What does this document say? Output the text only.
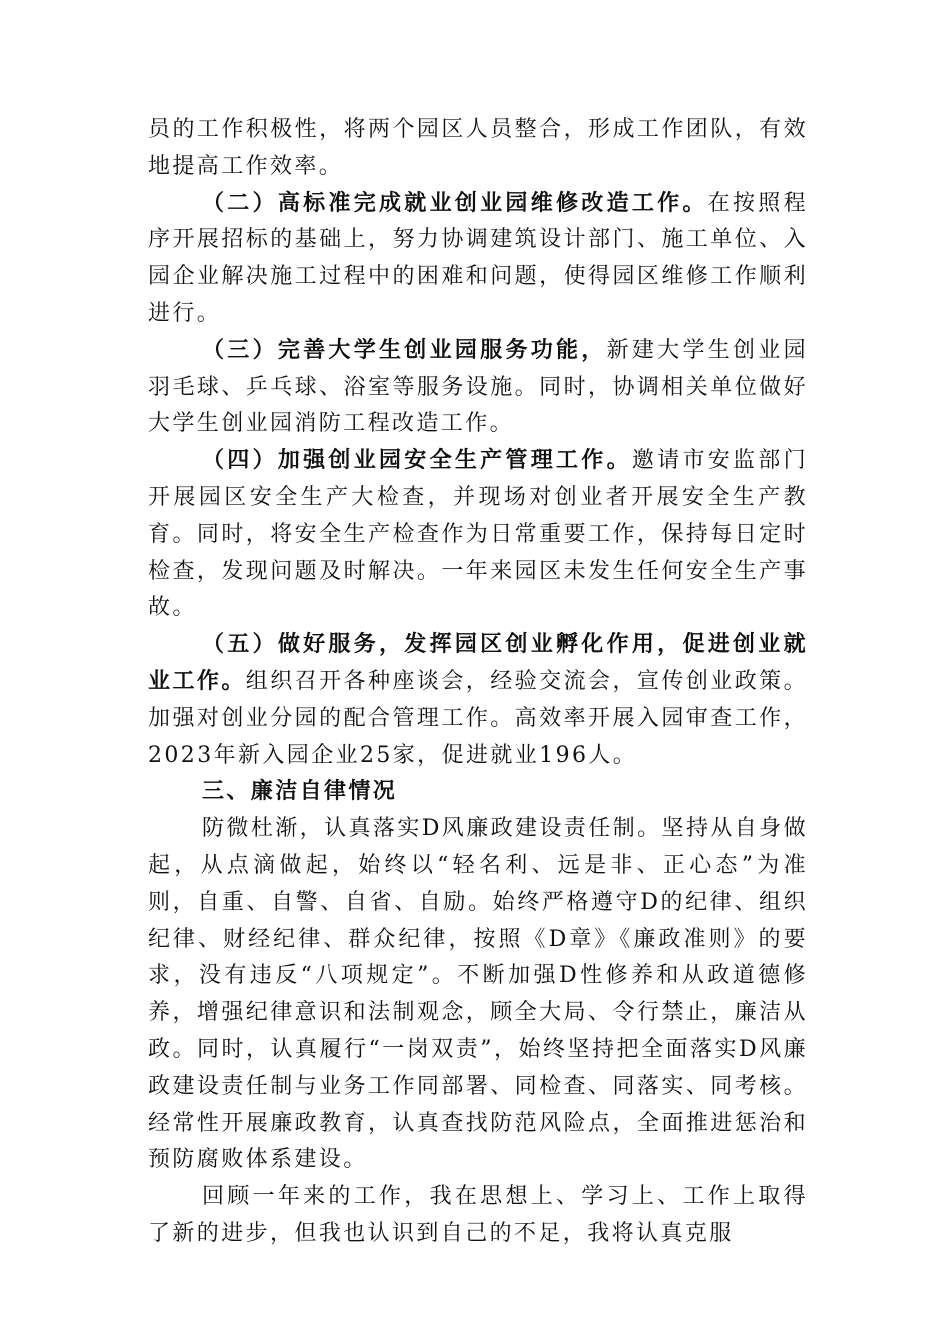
员的工作积极性，将两个园区人员整合，形成工作团队，有效地提高工作效率。

（二）高标准完成就业创业园维修改造工作。在按照程序开展招标的基础上，努力协调建筑设计部门、施工单位、入园企业解决施工过程中的困难和问题，使得园区维修工作顺利进行。

（三）完善大学生创业园服务功能，新建大学生创业园羽毛球、乒乓球、浴室等服务设施。同时，协调相关单位做好大学生创业园消防工程改造工作。

（四）加强创业园安全生产管理工作。邀请市安监部门开展园区安全生产大检查，并现场对创业者开展安全生产教育。同时，将安全生产检查作为日常重要工作，保持每日定时检查，发现问题及时解决。一年来园区未发生任何安全生产事故。

（五）做好服务，发挥园区创业孵化作用，促进创业就业工作。组织召开各种座谈会，经验交流会，宣传创业政策。加强对创业分园的配合管理工作。高效率开展入园审查工作，2023年新入园企业25家，促进就业196人。

三、廉洁自律情况

防微杜渐，认真落实D风廉政建设责任制。坚持从自身做起，从点滴做起，始终以“轻名利、远是非、正心态”为准则，自重、自警、自省、自励。始终严格遵守D的纪律、组织纪律、财经纪律、群众纪律，按照《D章》《廉政准则》的要求，没有违反“八项规定”。不断加强D性修养和从政道德修养，增强纪律意识和法制观念，顾全大局、令行禁止，廉洁从政。同时，认真履行“一岗双责”，始终坚持把全面落实D风廉政建设责任制与业务工作同部署、同检查、同落实、同考核。经常性开展廉政教育，认真查找防范风险点，全面推进惩治和预防腐败体系建设。

回顾一年来的工作，我在思想上、学习上、工作上取得了新的进步，但我也认识到自己的不足，我将认真克服
